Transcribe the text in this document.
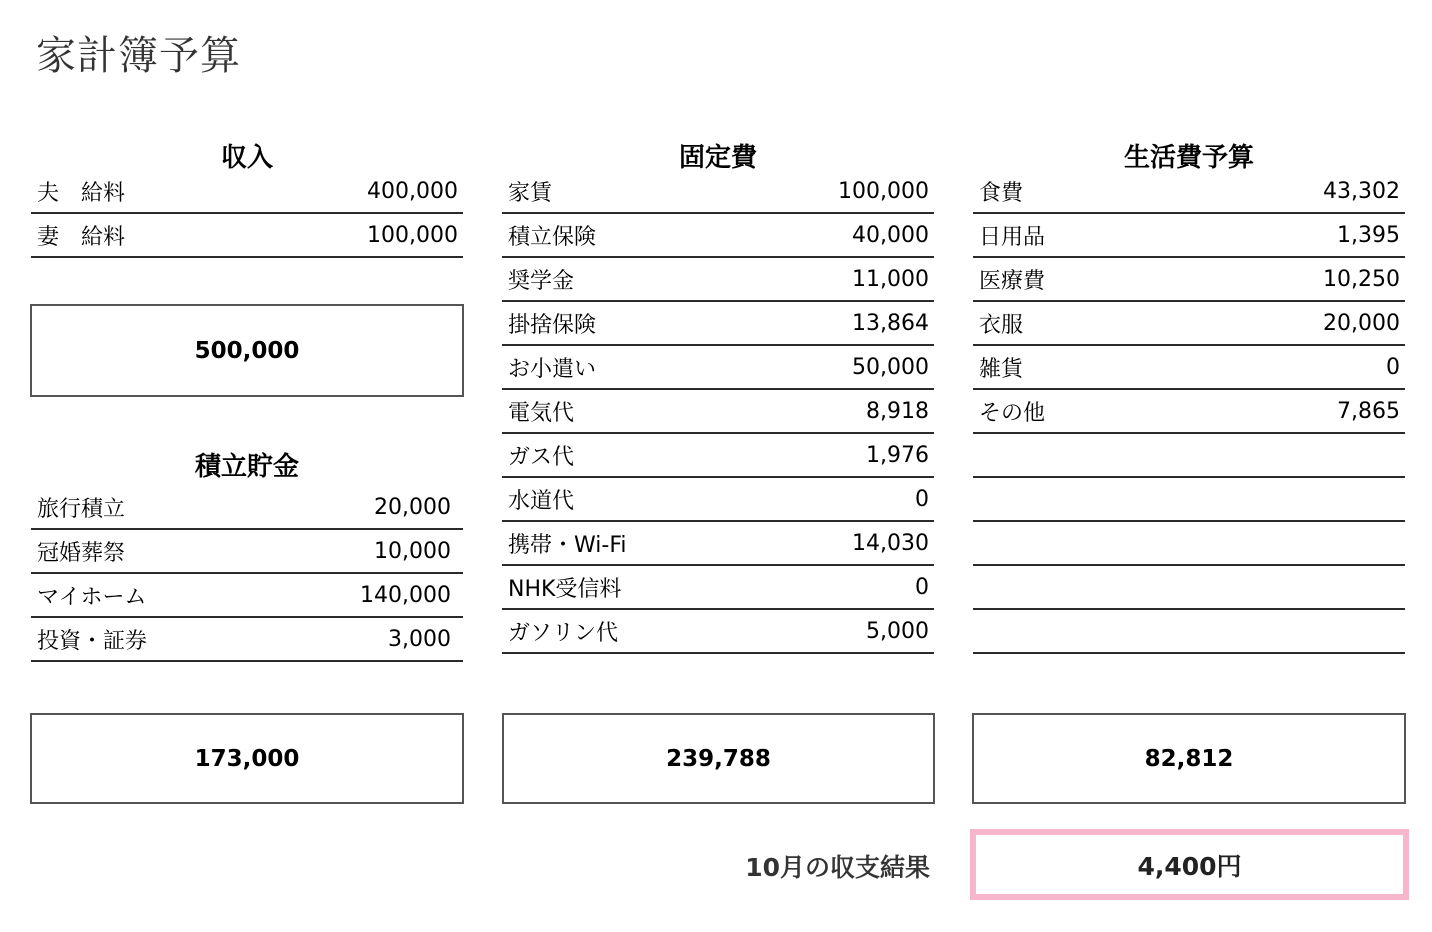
家計簿予算
収入
夫　給料	400,000
妻　給料	100,000
500,000
積立貯金
旅行積立	20,000
冠婚葬祭	10,000
マイホーム	140,000
投資・証券	3,000
173,000
固定費
家賃	100,000
積立保険	40,000
奨学金	11,000
掛捨保険	13,864
お小遣い	50,000
電気代	8,918
ガス代	1,976
水道代	0
携帯・Wi-Fi	14,030
NHK受信料	0
ガソリン代	5,000
239,788
生活費予算
食費	43,302
日用品	1,395
医療費	10,250
衣服	20,000
雑貨	0
その他	7,865
82,812
10月の収支結果	4,400円
